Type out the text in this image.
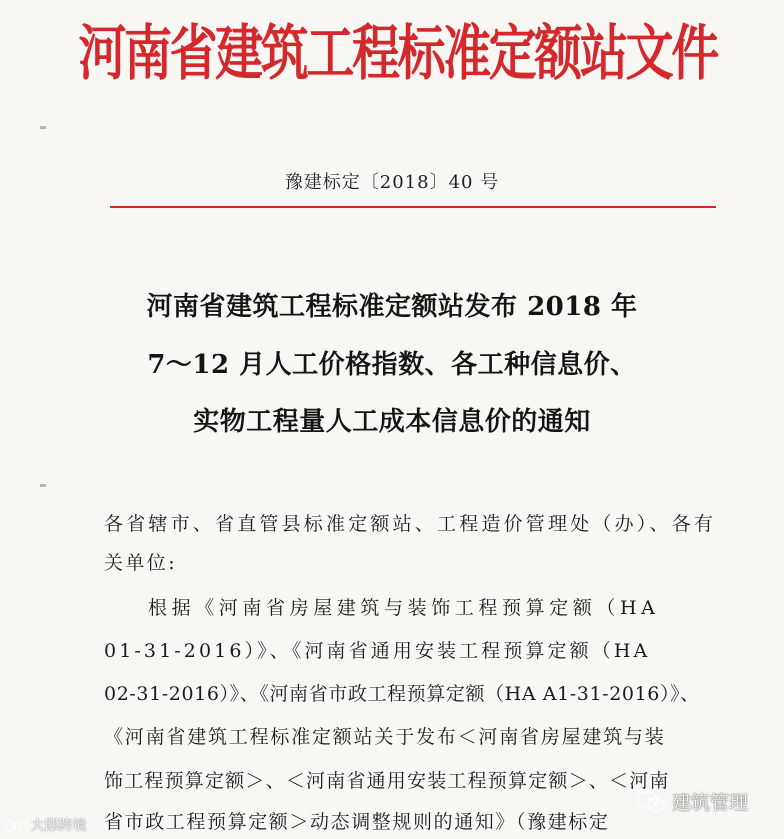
河南省建筑工程标准定额站文件
豫建标定〔2018〕40 号
河南省建筑工程标准定额站发布 2018 年
7～12 月人工价格指数、各工种信息价、
实物工程量人工成本信息价的通知
各省辖市、省直管县标准定额站、工程造价管理处（办）、各有
关单位:
根据《河南省房屋建筑与装饰工程预算定额（HA
01-31-2016）》、《河南省通用安装工程预算定额（HA
02-31-2016）》、《河南省市政工程预算定额（HA A1-31-2016）》、
《河南省建筑工程标准定额站关于发布＜河南省房屋建筑与装
饰工程预算定额＞、＜河南省通用安装工程预算定额＞、＜河南
省市政工程预算定额＞动态调整规则的通知》（豫建标定
大邸跨境
建筑管理
